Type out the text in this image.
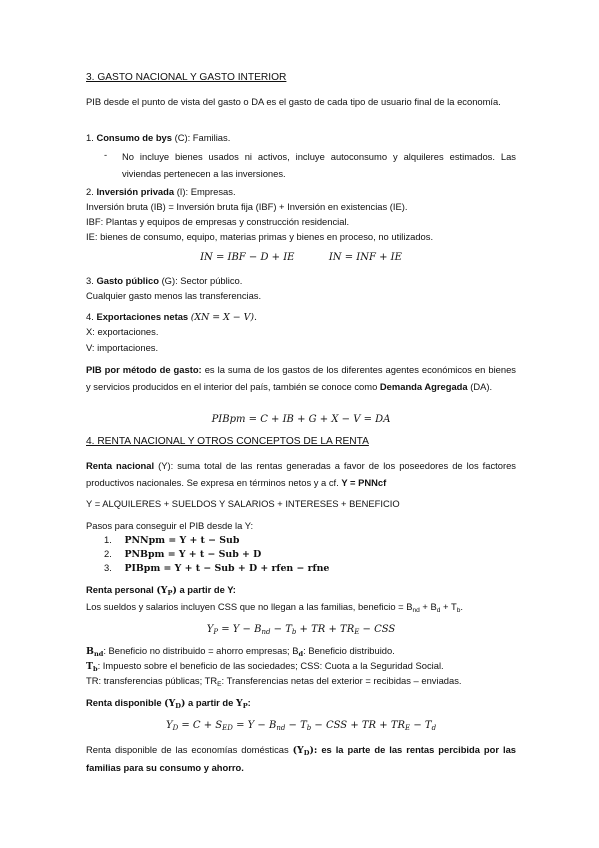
3. GASTO NACIONAL Y GASTO INTERIOR
PIB desde el punto de vista del gasto o DA es el gasto de cada tipo de usuario final de la economía.
1. Consumo de bys (C): Familias.
- No incluye bienes usados ni activos, incluye autoconsumo y alquileres estimados. Las viviendas pertenecen a las inversiones.
2. Inversión privada (I): Empresas.
Inversión bruta (IB) = Inversión bruta fija (IBF) + Inversión en existencias (IE).
IBF: Plantas y equipos de empresas y construcción residencial.
IE: bienes de consumo, equipo, materias primas y bienes en proceso, no utilizados.
IN = IBF − D + IE	IN = INF + IE
3. Gasto público (G): Sector público.
Cualquier gasto menos las transferencias.
4. Exportaciones netas (XN = X − V).
X: exportaciones.
V: importaciones.
PIB por método de gasto: es la suma de los gastos de los diferentes agentes económicos en bienes y servicios producidos en el interior del país, también se conoce como Demanda Agregada (DA).
PIBpm = C + IB + G + X − V = DA
4. RENTA NACIONAL Y OTROS CONCEPTOS DE LA RENTA
Renta nacional (Y): suma total de las rentas generadas a favor de los poseedores de los factores productivos nacionales. Se expresa en términos netos y a cf. Y = PNNcf
Y = ALQUILERES + SUELDOS Y SALARIOS + INTERESES + BENEFICIO
Pasos para conseguir el PIB desde la Y:
1. PNNpm = Y + t − Sub
2. PNBpm = Y + t − Sub + D
3. PIBpm = Y + t − Sub + D + rfen − rfne
Renta personal $(Y_P)$ a partir de Y:
Los sueldos y salarios incluyen CSS que no llegan a las familias, beneficio = $B_{nd} + B_d + T_b$.
$Y_P = Y - B_{nd} - T_b$ + TR + $TR_E$ − CSS
$B_{nd}$: Beneficio no distribuido = ahorro empresas; $B_d$: Beneficio distribuido.
$T_b$: Impuesto sobre el beneficio de las sociedades; CSS: Cuota a la Seguridad Social.
TR: transferencias públicas; $TR_E$: Transferencias netas del exterior = recibidas – enviadas.
Renta disponible $(Y_D)$ a partir de $Y_P$:
$Y_D = C + S_{ED} = Y - B_{nd} - T_b$ − CSS + TR + $TR_E - T_d$
Renta disponible de las economías domésticas $(Y_D)$: es la parte de las rentas percibida por las familias para su consumo y ahorro.
